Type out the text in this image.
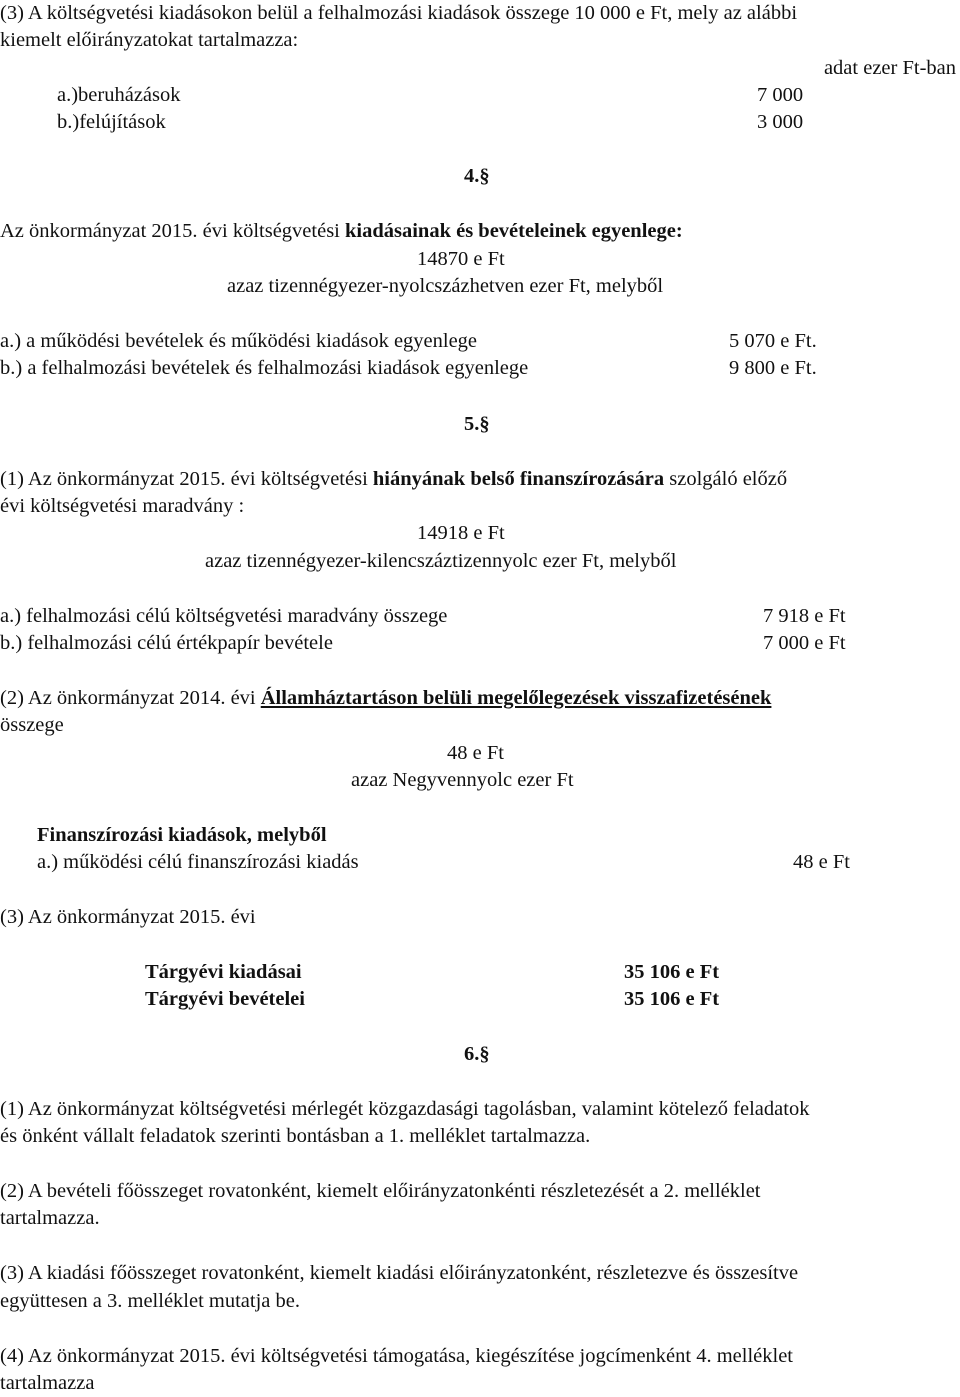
(3) A költségvetési kiadásokon belül a felhalmozási kiadások összege 10 000 e Ft, mely az alábbi
kiemelt előirányzatokat tartalmazza:
adat ezer Ft-ban
a.)beruházások	7 000
b.)felújítások	3 000
4.§
Az önkormányzat 2015. évi költségvetési kiadásainak és bevételeinek egyenlege:
14870 e Ft
azaz tizennégyezer-nyolcszázhetven ezer Ft, melyből
a.) a működési bevételek és működési kiadások egyenlege	5 070 e Ft.
b.) a felhalmozási bevételek és felhalmozási kiadások egyenlege	9 800 e Ft.
5.§
(1) Az önkormányzat 2015. évi költségvetési hiányának belső finanszírozására szolgáló előző
évi költségvetési maradvány :
14918 e Ft
azaz tizennégyezer-kilencszáztizennyolc ezer Ft, melyből
a.) felhalmozási célú költségvetési maradvány összege	7 918 e Ft
b.) felhalmozási célú értékpapír bevétele	7 000 e Ft
(2) Az önkormányzat 2014. évi Államháztartáson belüli megelőlegezések visszafizetésének
összege
48 e Ft
azaz Negyvennyolc ezer Ft
Finanszírozási kiadások, melyből
a.) működési célú finanszírozási kiadás	48 e Ft
(3) Az önkormányzat 2015. évi
Tárgyévi kiadásai	35 106 e Ft
Tárgyévi bevételei	35 106 e Ft
6.§
(1) Az önkormányzat költségvetési mérlegét közgazdasági tagolásban, valamint kötelező feladatok
és önként vállalt feladatok szerinti bontásban a 1. melléklet tartalmazza.
(2) A bevételi főösszeget rovatonként, kiemelt előirányzatonkénti részletezését a 2. melléklet
tartalmazza.
(3) A kiadási főösszeget rovatonként, kiemelt kiadási előirányzatonként, részletezve és összesítve
együttesen a 3. melléklet mutatja be.
(4) Az önkormányzat 2015. évi költségvetési támogatása, kiegészítése jogcímenként 4. melléklet
tartalmazza
